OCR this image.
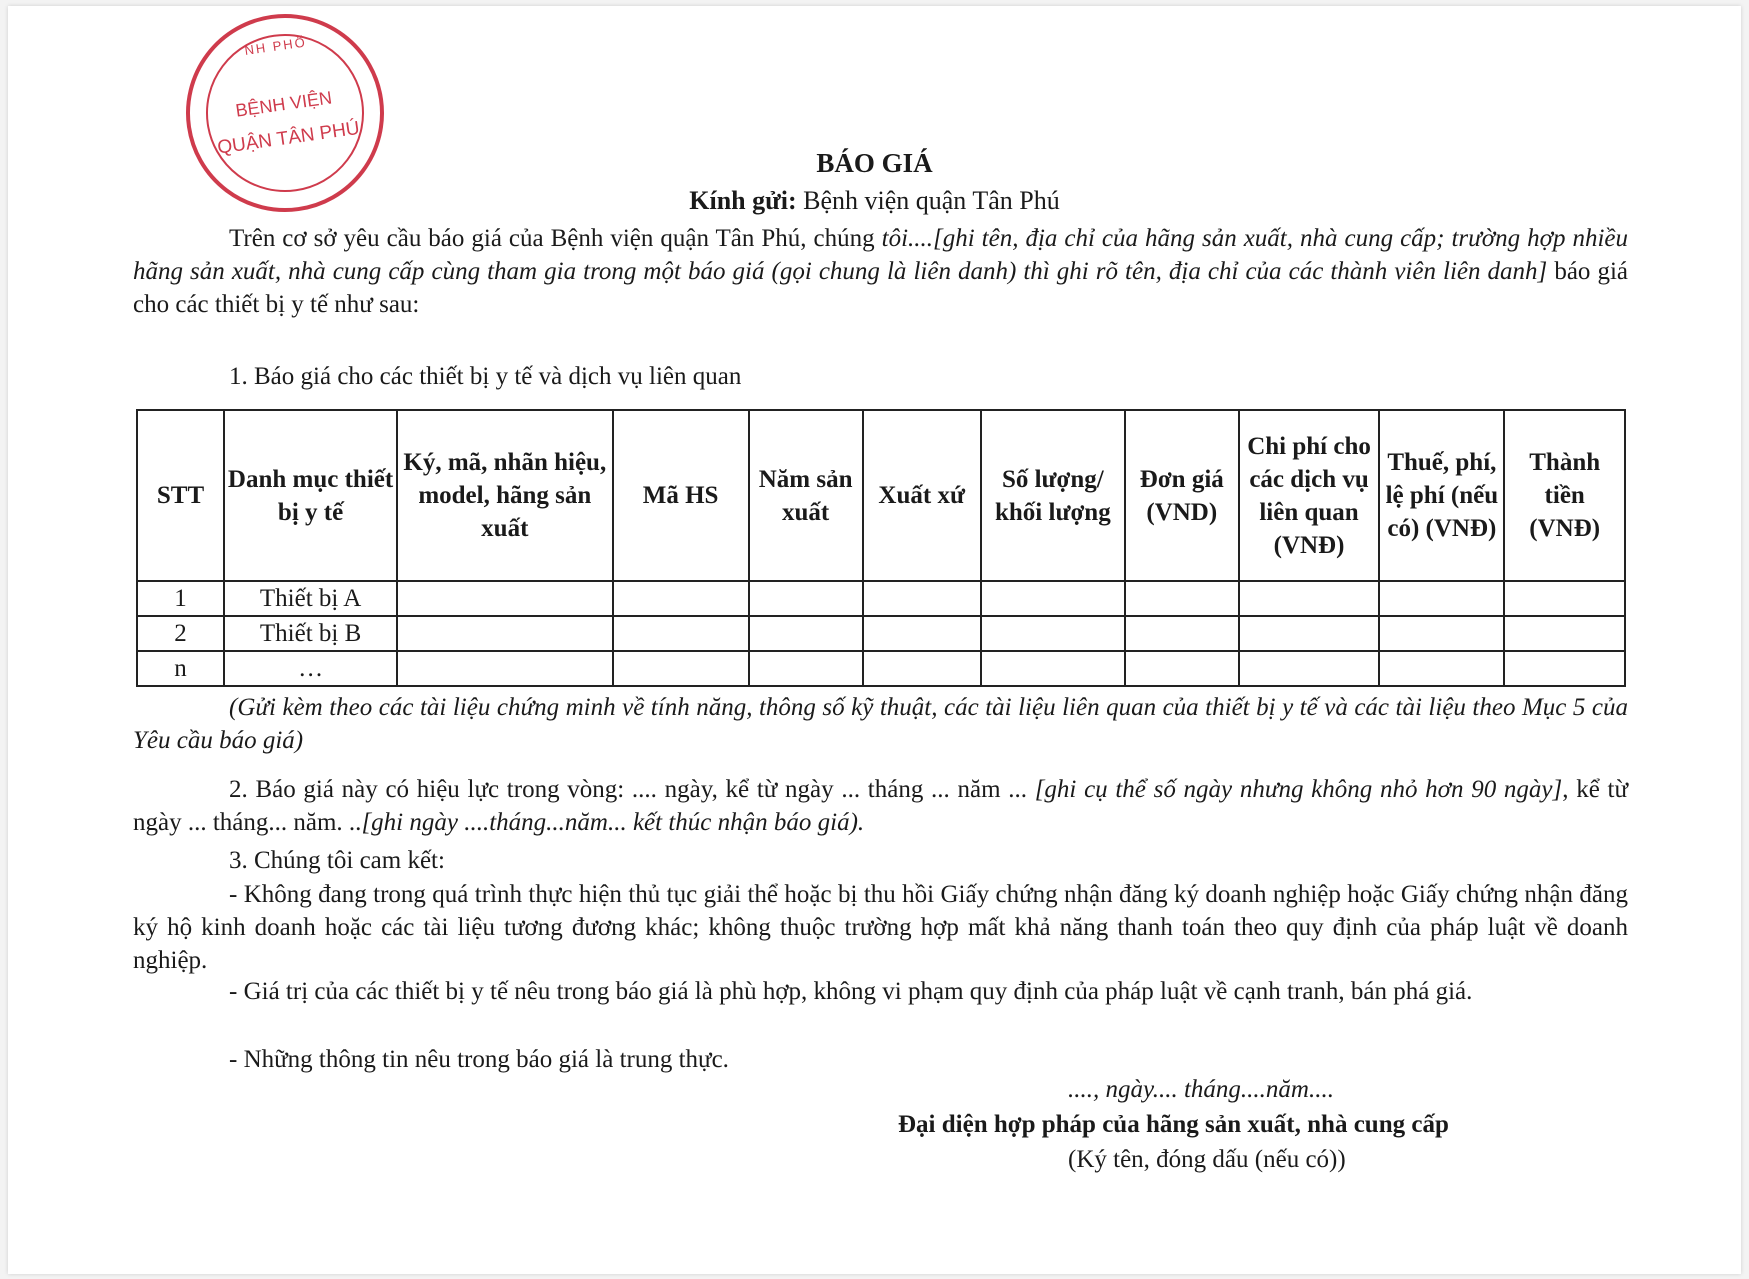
NH PHỐ
BỆNH VIỆN
QUẬN TÂN PHÚ
BÁO GIÁ
Kính gửi: Bệnh viện quận Tân Phú

Trên cơ sở yêu cầu báo giá của Bệnh viện quận Tân Phú, chúng tôi....[ghi tên, địa chỉ của hãng sản xuất, nhà cung cấp; trường hợp nhiều hãng sản xuất, nhà cung cấp cùng tham gia trong một báo giá (gọi chung là liên danh) thì ghi rõ tên, địa chỉ của các thành viên liên danh] báo giá cho các thiết bị y tế như sau:

1. Báo giá cho các thiết bị y tế và dịch vụ liên quan

STT	Danh mục thiết bị y tế	Ký, mã, nhãn hiệu, model, hãng sản xuất	Mã HS	Năm sản xuất	Xuất xứ	Số lượng/ khối lượng	Đơn giá (VND)	Chi phí cho các dịch vụ liên quan (VNĐ)	Thuế, phí, lệ phí (nếu có) (VNĐ)	Thành tiền (VNĐ)
1	Thiết bị A									
2	Thiết bị B									
n	…									

(Gửi kèm theo các tài liệu chứng minh về tính năng, thông số kỹ thuật, các tài liệu liên quan của thiết bị y tế và các tài liệu theo Mục 5 của Yêu cầu báo giá)

2. Báo giá này có hiệu lực trong vòng: .... ngày, kể từ ngày ... tháng ... năm ... [ghi cụ thể số ngày nhưng không nhỏ hơn 90 ngày], kể từ ngày ... tháng... năm. ..[ghi ngày ....tháng...năm... kết thúc nhận báo giá).

3. Chúng tôi cam kết:

- Không đang trong quá trình thực hiện thủ tục giải thể hoặc bị thu hồi Giấy chứng nhận đăng ký doanh nghiệp hoặc Giấy chứng nhận đăng ký hộ kinh doanh hoặc các tài liệu tương đương khác; không thuộc trường hợp mất khả năng thanh toán theo quy định của pháp luật về doanh nghiệp.

- Giá trị của các thiết bị y tế nêu trong báo giá là phù hợp, không vi phạm quy định của pháp luật về cạnh tranh, bán phá giá.

- Những thông tin nêu trong báo giá là trung thực.

...., ngày.... tháng....năm....
Đại diện hợp pháp của hãng sản xuất, nhà cung cấp
(Ký tên, đóng dấu (nếu có))
